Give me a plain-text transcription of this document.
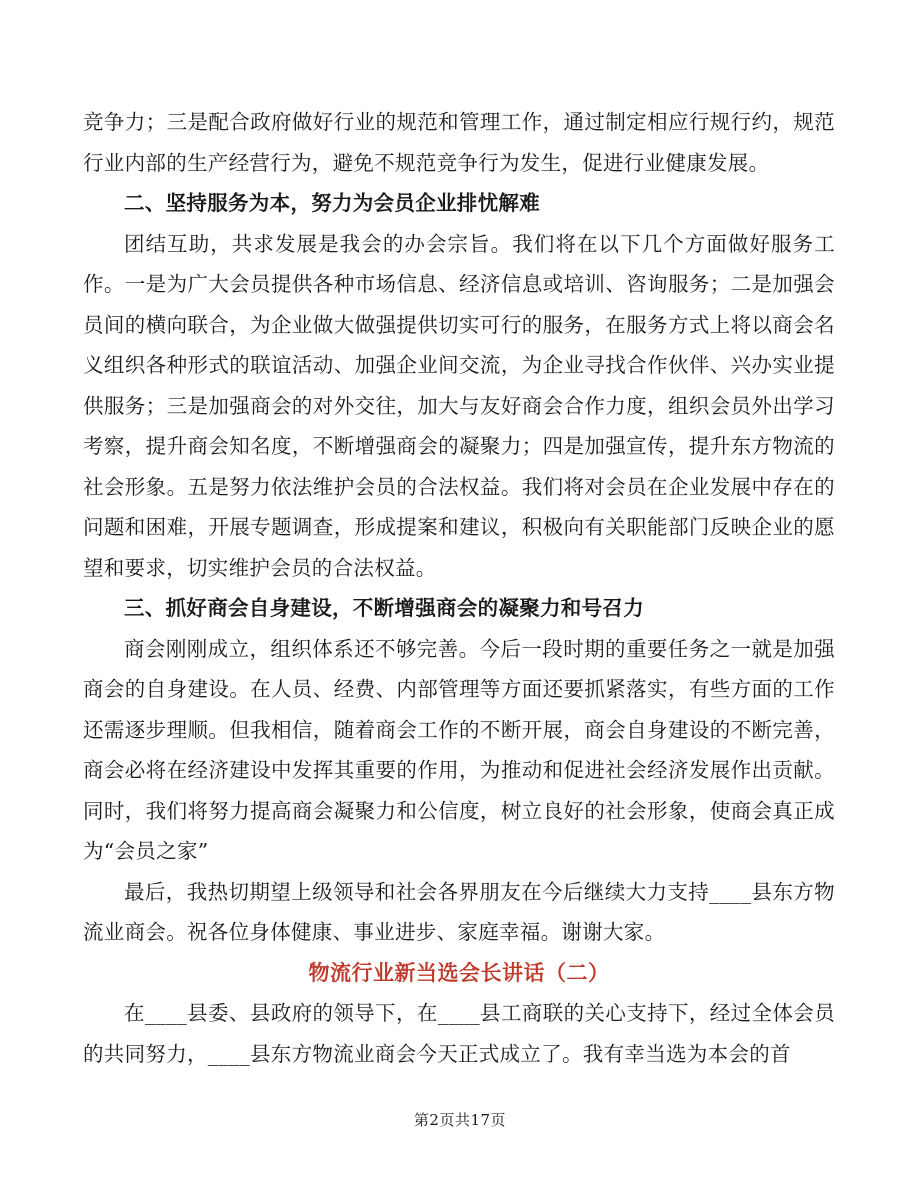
竞争力；三是配合政府做好行业的规范和管理工作，通过制定相应行规行约，规范行业内部的生产经营行为，避免不规范竞争行为发生，促进行业健康发展。

二、坚持服务为本，努力为会员企业排忧解难

团结互助，共求发展是我会的办会宗旨。我们将在以下几个方面做好服务工作。一是为广大会员提供各种市场信息、经济信息或培训、咨询服务；二是加强会员间的横向联合，为企业做大做强提供切实可行的服务，在服务方式上将以商会名义组织各种形式的联谊活动、加强企业间交流，为企业寻找合作伙伴、兴办实业提供服务；三是加强商会的对外交往，加大与友好商会合作力度，组织会员外出学习考察，提升商会知名度，不断增强商会的凝聚力；四是加强宣传，提升东方物流的社会形象。五是努力依法维护会员的合法权益。我们将对会员在企业发展中存在的问题和困难，开展专题调查，形成提案和建议，积极向有关职能部门反映企业的愿望和要求，切实维护会员的合法权益。

三、抓好商会自身建设，不断增强商会的凝聚力和号召力

商会刚刚成立，组织体系还不够完善。今后一段时期的重要任务之一就是加强商会的自身建设。在人员、经费、内部管理等方面还要抓紧落实，有些方面的工作还需逐步理顺。但我相信，随着商会工作的不断开展，商会自身建设的不断完善，商会必将在经济建设中发挥其重要的作用，为推动和促进社会经济发展作出贡献。同时，我们将努力提高商会凝聚力和公信度，树立良好的社会形象，使商会真正成为“会员之家”

最后，我热切期望上级领导和社会各界朋友在今后继续大力支持____县东方物流业商会。祝各位身体健康、事业进步、家庭幸福。谢谢大家。

物流行业新当选会长讲话（二）

在____县委、县政府的领导下，在____县工商联的关心支持下，经过全体会员的共同努力，____县东方物流业商会今天正式成立了。我有幸当选为本会的首

第2页共17页
